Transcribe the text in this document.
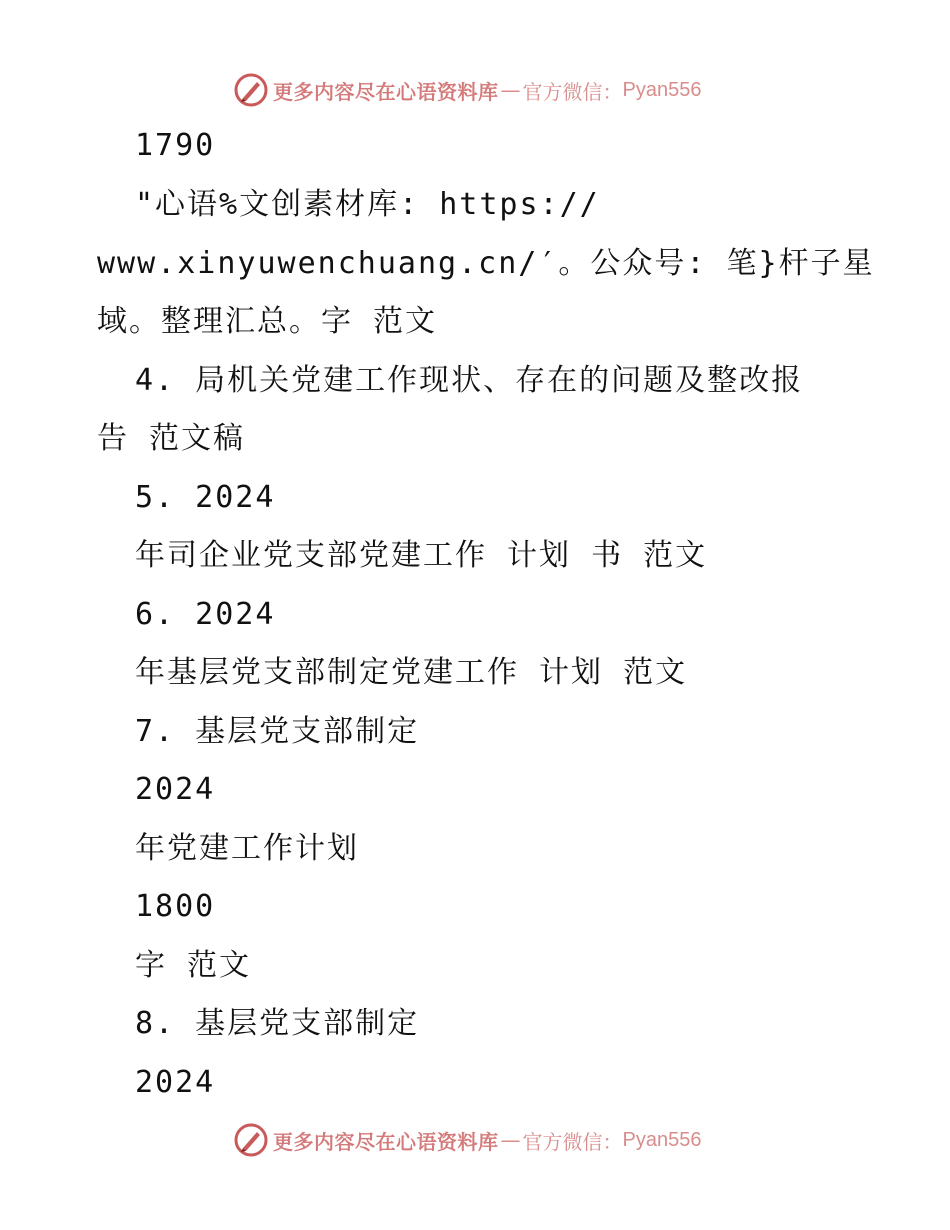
更多内容尽在心语资料库 — 官方微信： Pyan556
1790
"心语%文创素材库: https://
www.xinyuwenchuang.cn/′。公众号: 笔}杆子星
域。整理汇总。字 范文
4. 局机关党建工作现状、存在的问题及整改报
告 范文稿
5. 2024
年司企业党支部党建工作 计划 书 范文
6. 2024
年基层党支部制定党建工作 计划 范文
7. 基层党支部制定
2024
年党建工作计划
1800
字 范文
8. 基层党支部制定
2024
更多内容尽在心语资料库 — 官方微信： Pyan556
